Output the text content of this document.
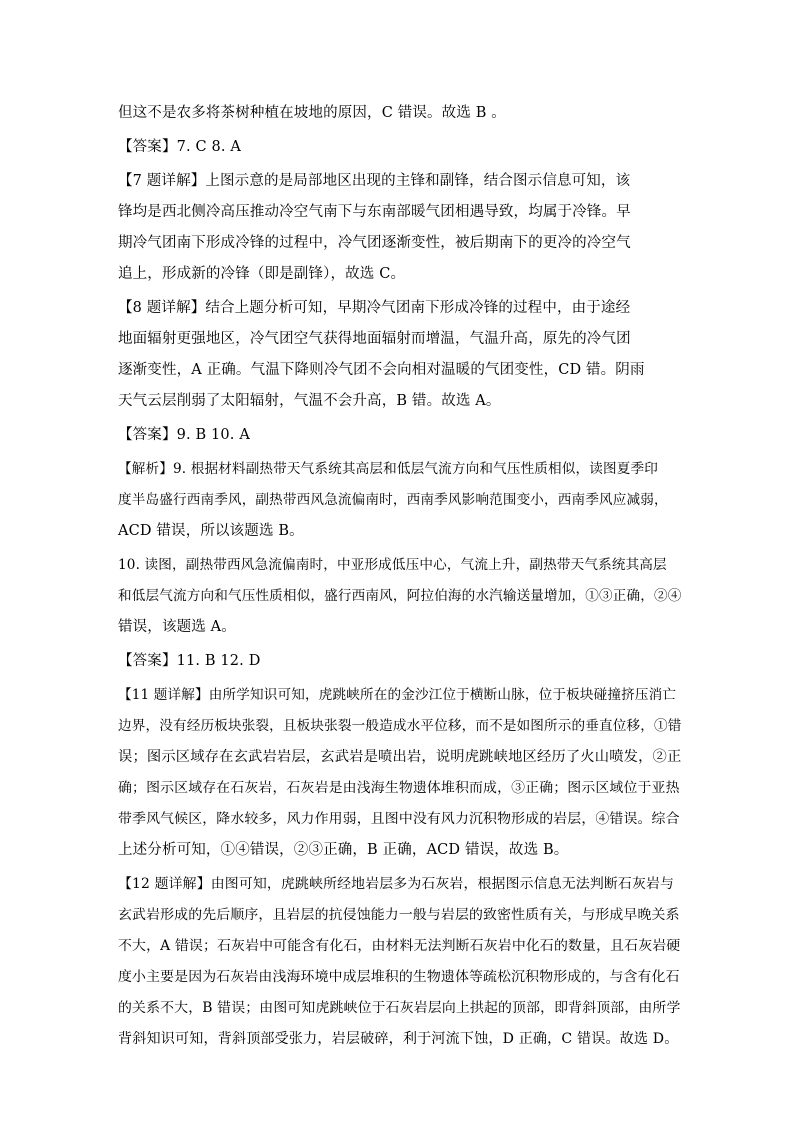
但这不是农多将茶树种植在坡地的原因，C 错误。故选 B 。
【答案】7. C 8. A
【7 题详解】上图示意的是局部地区出现的主锋和副锋，结合图示信息可知，该
锋均是西北侧冷高压推动冷空气南下与东南部暖气团相遇导致，均属于冷锋。早
期冷气团南下形成冷锋的过程中，冷气团逐渐变性，被后期南下的更冷的冷空气
追上，形成新的冷锋（即是副锋），故选 C。
【8 题详解】结合上题分析可知，早期冷气团南下形成冷锋的过程中，由于途经
地面辐射更强地区，冷气团空气获得地面辐射而增温，气温升高，原先的冷气团
逐渐变性，A 正确。气温下降则冷气团不会向相对温暖的气团变性，CD 错。阴雨
天气云层削弱了太阳辐射，气温不会升高，B 错。故选 A。
【答案】9. B 10. A
【解析】9. 根据材料副热带天气系统其高层和低层气流方向和气压性质相似，读图夏季印
度半岛盛行西南季风，副热带西风急流偏南时，西南季风影响范围变小，西南季风应减弱，
ACD 错误，所以该题选 B。
10. 读图，副热带西风急流偏南时，中亚形成低压中心，气流上升，副热带天气系统其高层
和低层气流方向和气压性质相似，盛行西南风，阿拉伯海的水汽输送量增加，①③正确，②④
错误，该题选 A。
【答案】11. B 12. D
【11 题详解】由所学知识可知，虎跳峡所在的金沙江位于横断山脉，位于板块碰撞挤压消亡
边界，没有经历板块张裂，且板块张裂一般造成水平位移，而不是如图所示的垂直位移，①错
误；图示区域存在玄武岩岩层，玄武岩是喷出岩，说明虎跳峡地区经历了火山喷发，②正
确；图示区域存在石灰岩，石灰岩是由浅海生物遗体堆积而成，③正确；图示区域位于亚热
带季风气候区，降水较多，风力作用弱，且图中没有风力沉积物形成的岩层，④错误。综合
上述分析可知，①④错误，②③正确，B 正确，ACD 错误，故选 B。
【12 题详解】由图可知，虎跳峡所经地岩层多为石灰岩，根据图示信息无法判断石灰岩与
玄武岩形成的先后顺序，且岩层的抗侵蚀能力一般与岩层的致密性质有关，与形成早晚关系
不大，A 错误；石灰岩中可能含有化石，由材料无法判断石灰岩中化石的数量，且石灰岩硬
度小主要是因为石灰岩由浅海环境中成层堆积的生物遗体等疏松沉积物形成的，与含有化石
的关系不大，B 错误；由图可知虎跳峡位于石灰岩层向上拱起的顶部，即背斜顶部，由所学
背斜知识可知，背斜顶部受张力，岩层破碎，利于河流下蚀，D 正确，C 错误。故选 D。
